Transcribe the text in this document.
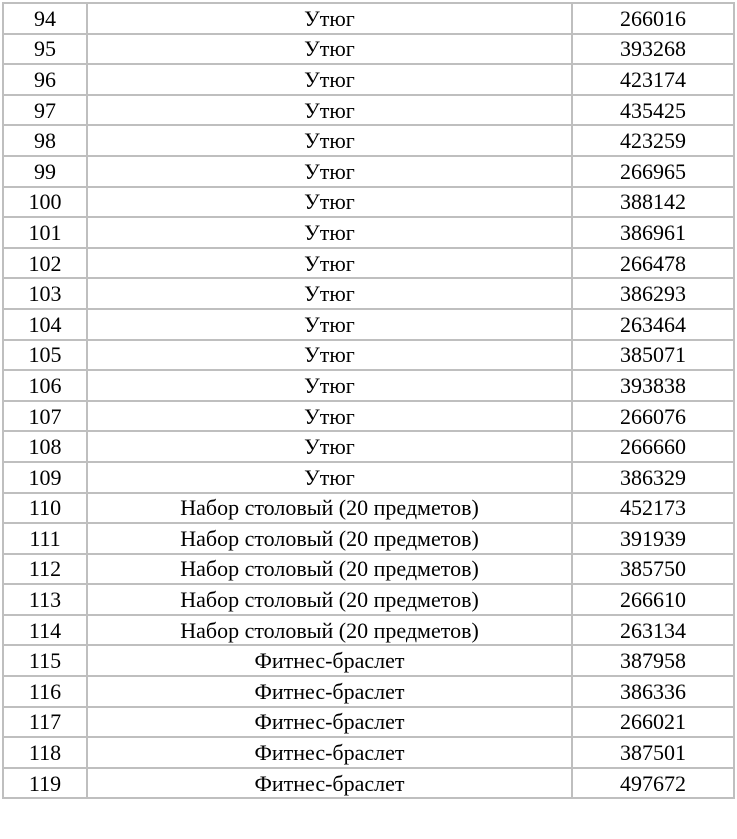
94	Утюг	266016
95	Утюг	393268
96	Утюг	423174
97	Утюг	435425
98	Утюг	423259
99	Утюг	266965
100	Утюг	388142
101	Утюг	386961
102	Утюг	266478
103	Утюг	386293
104	Утюг	263464
105	Утюг	385071
106	Утюг	393838
107	Утюг	266076
108	Утюг	266660
109	Утюг	386329
110	Набор столовый (20 предметов)	452173
111	Набор столовый (20 предметов)	391939
112	Набор столовый (20 предметов)	385750
113	Набор столовый (20 предметов)	266610
114	Набор столовый (20 предметов)	263134
115	Фитнес-браслет	387958
116	Фитнес-браслет	386336
117	Фитнес-браслет	266021
118	Фитнес-браслет	387501
119	Фитнес-браслет	497672
